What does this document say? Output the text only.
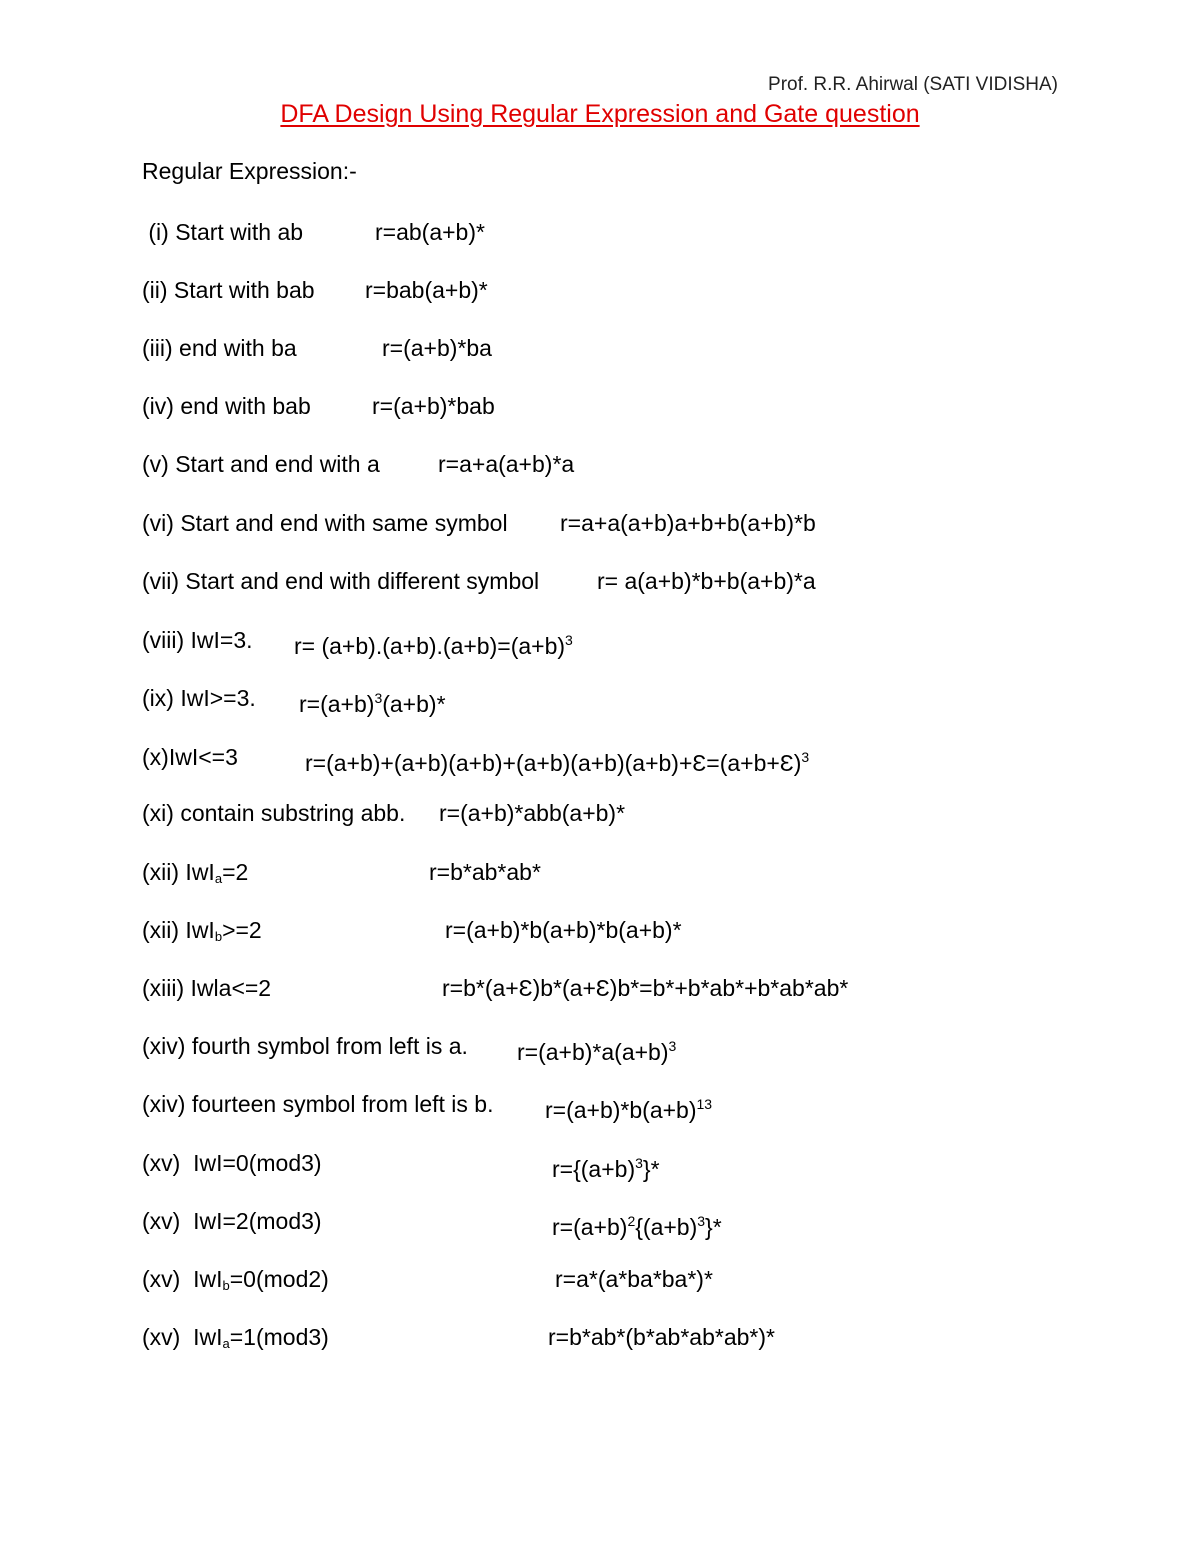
Prof. R.R. Ahirwal (SATI VIDISHA)
DFA Design Using Regular Expression and Gate question
Regular Expression:-
(i) Start with ab	r=ab(a+b)*
(ii) Start with bab r=bab(a+b)*
(iii) end with ba	r=(a+b)*ba
(iv) end with bab	r=(a+b)*bab
(v) Start and end with a	r=a+a(a+b)*a
(vi) Start and end with same symbol r=a+a(a+b)a+b+b(a+b)*b
(vii) Start and end with different symbol	r= a(a+b)*b+b(a+b)*a
(viii) IwI=3. $r= (a+b).(a+b).(a+b)=(a+b)^3$
(ix) IwI>=3. $r=(a+b)^3(a+b)*$
(x)IwI<=3	r=(a+b)+(a+b)(a+b)+(a+b)(a+b)(a+b)+Ɛ=(a+b+Ɛ)$^3$
(xi) contain substring abb. r=(a+b)*abb(a+b)*
(xii) IwI$_a$=2	r=b*ab*ab*
(xii) IwI$_b$>=2	r=(a+b)*b(a+b)*b(a+b)*
(xiii) Iwla<=2	r=b*(a+Ɛ)b*(a+Ɛ)b*=b*+b*ab*+b*ab*ab*
(xiv) fourth symbol from left is a. $r=(a+b)*a(a+b)^3$
(xiv) fourteen symbol from left is b. $r=(a+b)*b(a+b)^{13}$
(xv)  IwI=0(mod3)	$r=\{(a+b)^3\}*$
(xv)  IwI=2(mod3)	$r=(a+b)^2\{(a+b)^3\}*$
(xv)  IwI$_b$=0(mod2)	r=a*(a*ba*ba*)*
(xv)  IwI$_a$=1(mod3)	r=b*ab*(b*ab*ab*ab*)*
